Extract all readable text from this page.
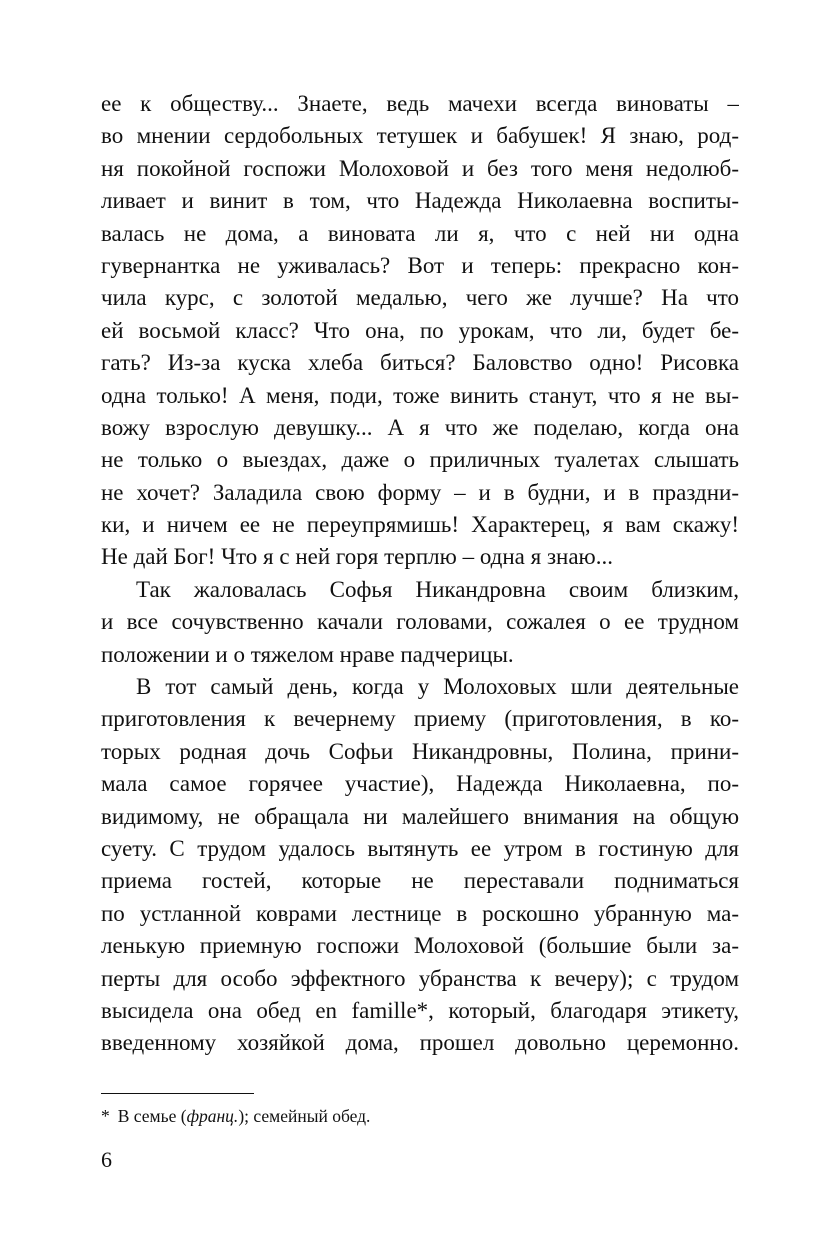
ее к обществу... Знаете, ведь мачехи всегда виноваты –
во мнении сердобольных тетушек и бабушек! Я знаю, род-
ня покойной госпожи Молоховой и без того меня недолюб-
ливает и винит в том, что Надежда Николаевна воспиты-
валась не дома, а виновата ли я, что с ней ни одна
гувернантка не уживалась? Вот и теперь: прекрасно кон-
чила курс, с золотой медалью, чего же лучше? На что
ей восьмой класс? Что она, по урокам, что ли, будет бе-
гать? Из-за куска хлеба биться? Баловство одно! Рисовка
одна только! А меня, поди, тоже винить станут, что я не вы-
вожу взрослую девушку... А я что же поделаю, когда она
не только о выездах, даже о приличных туалетах слышать
не хочет? Заладила свою форму – и в будни, и в праздни-
ки, и ничем ее не переупрямишь! Характерец, я вам скажу!
Не дай Бог! Что я с ней горя терплю – одна я знаю...
Так жаловалась Софья Никандровна своим близким,
и все сочувственно качали головами, сожалея о ее трудном
положении и о тяжелом нраве падчерицы.
В тот самый день, когда у Молоховых шли деятельные
приготовления к вечернему приему (приготовления, в ко-
торых родная дочь Софьи Никандровны, Полина, прини-
мала самое горячее участие), Надежда Николаевна, по-
видимому, не обращала ни малейшего внимания на общую
суету. С трудом удалось вытянуть ее утром в гостиную для
приема гостей, которые не переставали подниматься
по устланной коврами лестнице в роскошно убранную ма-
ленькую приемную госпожи Молоховой (большие были за-
перты для особо эффектного убранства к вечеру); с трудом
высидела она обед en famille*, который, благодаря этикету,
введенному хозяйкой дома, прошел довольно церемонно.
* В семье (франц.); семейный обед.
6
